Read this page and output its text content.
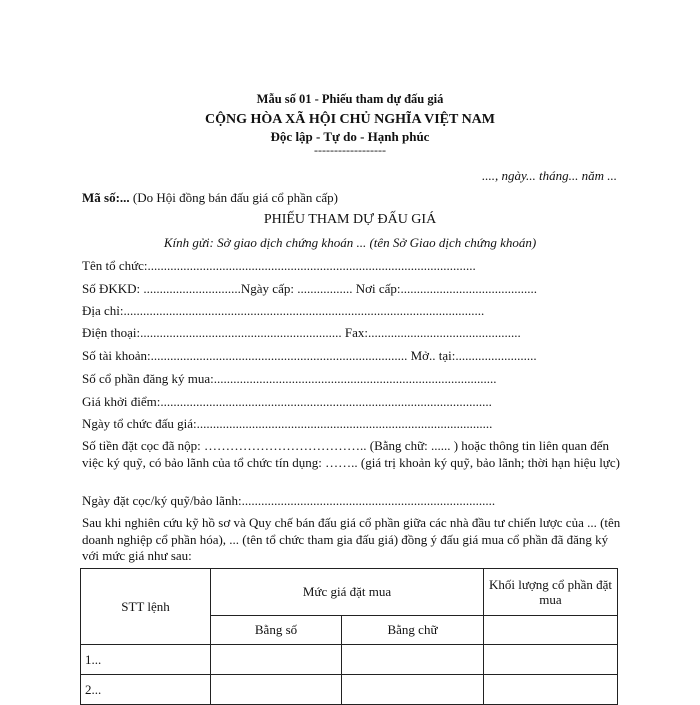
Mẫu số 01 - Phiếu tham dự đấu giá
CỘNG HÒA XÃ HỘI CHỦ NGHĨA VIỆT NAM
Độc lập - Tự do - Hạnh phúc
------------------
...., ngày... tháng... năm ...
Mã số:... (Do Hội đồng bán đấu giá cổ phần cấp)
PHIẾU THAM DỰ ĐẤU GIÁ
Kính gửi: Sở giao dịch chứng khoán ... (tên Sở Giao dịch chứng khoán)
Tên tổ chức:.....................................................................................................
Số ĐKKD: ..............................Ngày cấp: ................. Nơi cấp:..........................................
Địa chỉ:...............................................................................................................
Điện thoại:.............................................................. Fax:...............................................
Số tài khoản:............................................................................... Mở.. tại:.........................
Số cổ phần đăng ký mua:.......................................................................................
Giá khởi điểm:......................................................................................................
Ngày tổ chức đấu giá:...........................................................................................
Số tiền đặt cọc đã nộp: ……………………………….. (Bằng chữ: ...... ) hoặc thông tin liên quan đến việc ký quỹ, có bảo lãnh của tổ chức tín dụng: …….. (giá trị khoản ký quỹ, bảo lãnh; thời hạn hiệu lực)
Ngày đặt cọc/ký quỹ/bảo lãnh:..............................................................................
Sau khi nghiên cứu kỹ hồ sơ và Quy chế bán đấu giá cổ phần giữa các nhà đầu tư chiến lược của ... (tên doanh nghiệp cổ phần hóa), ... (tên tổ chức tham gia đấu giá) đồng ý đấu giá mua cổ phần đã đăng ký với mức giá như sau:
STT lệnh	Mức giá đặt mua		Khối lượng cổ phần đặt mua
	Bằng số	Bằng chữ	
1...			
2...			
